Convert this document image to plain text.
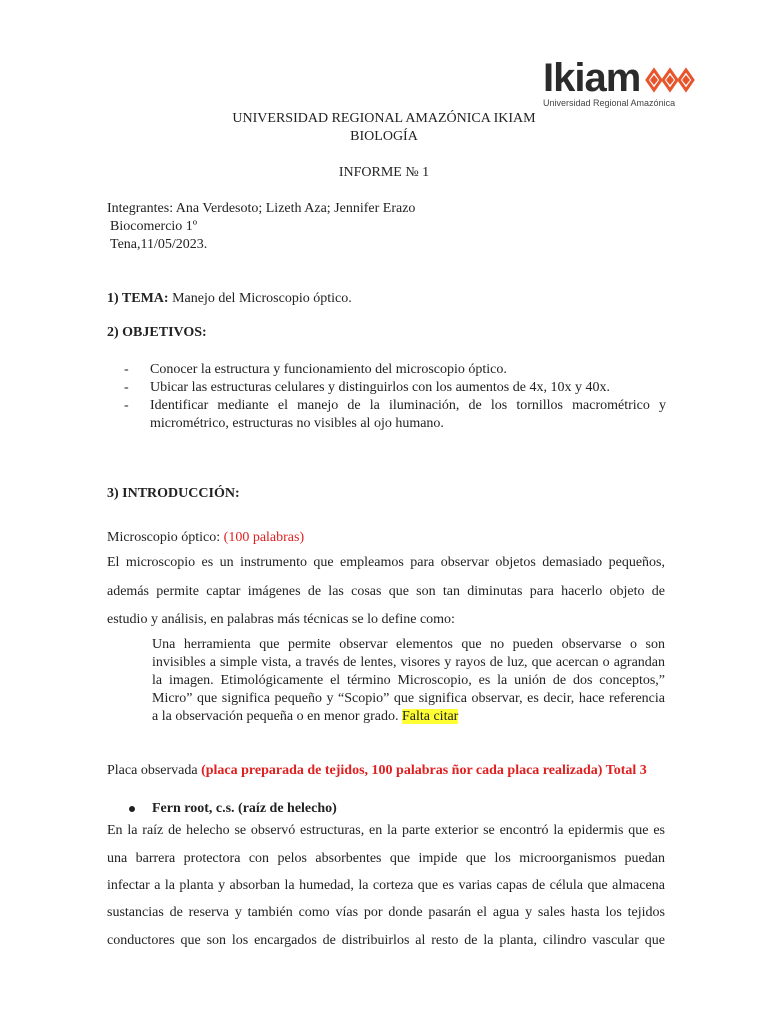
Ikiam
Universidad Regional Amazónica
UNIVERSIDAD REGIONAL AMAZÓNICA IKIAM
BIOLOGÍA
INFORME № 1
Integrantes: Ana Verdesoto; Lizeth Aza; Jennifer Erazo
Biocomercio 1º
Tena,11/05/2023.
1) TEMA: Manejo del Microscopio óptico.
2) OBJETIVOS:
- Conocer la estructura y funcionamiento del microscopio óptico.
- Ubicar las estructuras celulares y distinguirlos con los aumentos de 4x, 10x y 40x.
- Identificar mediante el manejo de la iluminación, de los tornillos macrométrico y
micrométrico, estructuras no visibles al ojo humano.
3) INTRODUCCIÓN:
Microscopio óptico: (100 palabras)
El microscopio es un instrumento que empleamos para observar objetos demasiado pequeños,
además permite captar imágenes de las cosas que son tan diminutas para hacerlo objeto de
estudio y análisis, en palabras más técnicas se lo define como:
Una herramienta que permite observar elementos que no pueden observarse o son
invisibles a simple vista, a través de lentes, visores y rayos de luz, que acercan o agrandan
la imagen. Etimológicamente el término Microscopio, es la unión de dos conceptos,”
Micro” que significa pequeño y “Scopio” que significa observar, es decir, hace referencia
a la observación pequeña o en menor grado. Falta citar
Placa observada (placa preparada de tejidos, 100 palabras ñor cada placa realizada) Total 3
Fern root, c.s. (raíz de helecho)
En la raíz de helecho se observó estructuras, en la parte exterior se encontró la epidermis que es
una barrera protectora con pelos absorbentes que impide que los microorganismos puedan
infectar a la planta y absorban la humedad, la corteza que es varias capas de célula que almacena
sustancias de reserva y también como vías por donde pasarán el agua y sales hasta los tejidos
conductores que son los encargados de distribuirlos al resto de la planta, cilindro vascular que
